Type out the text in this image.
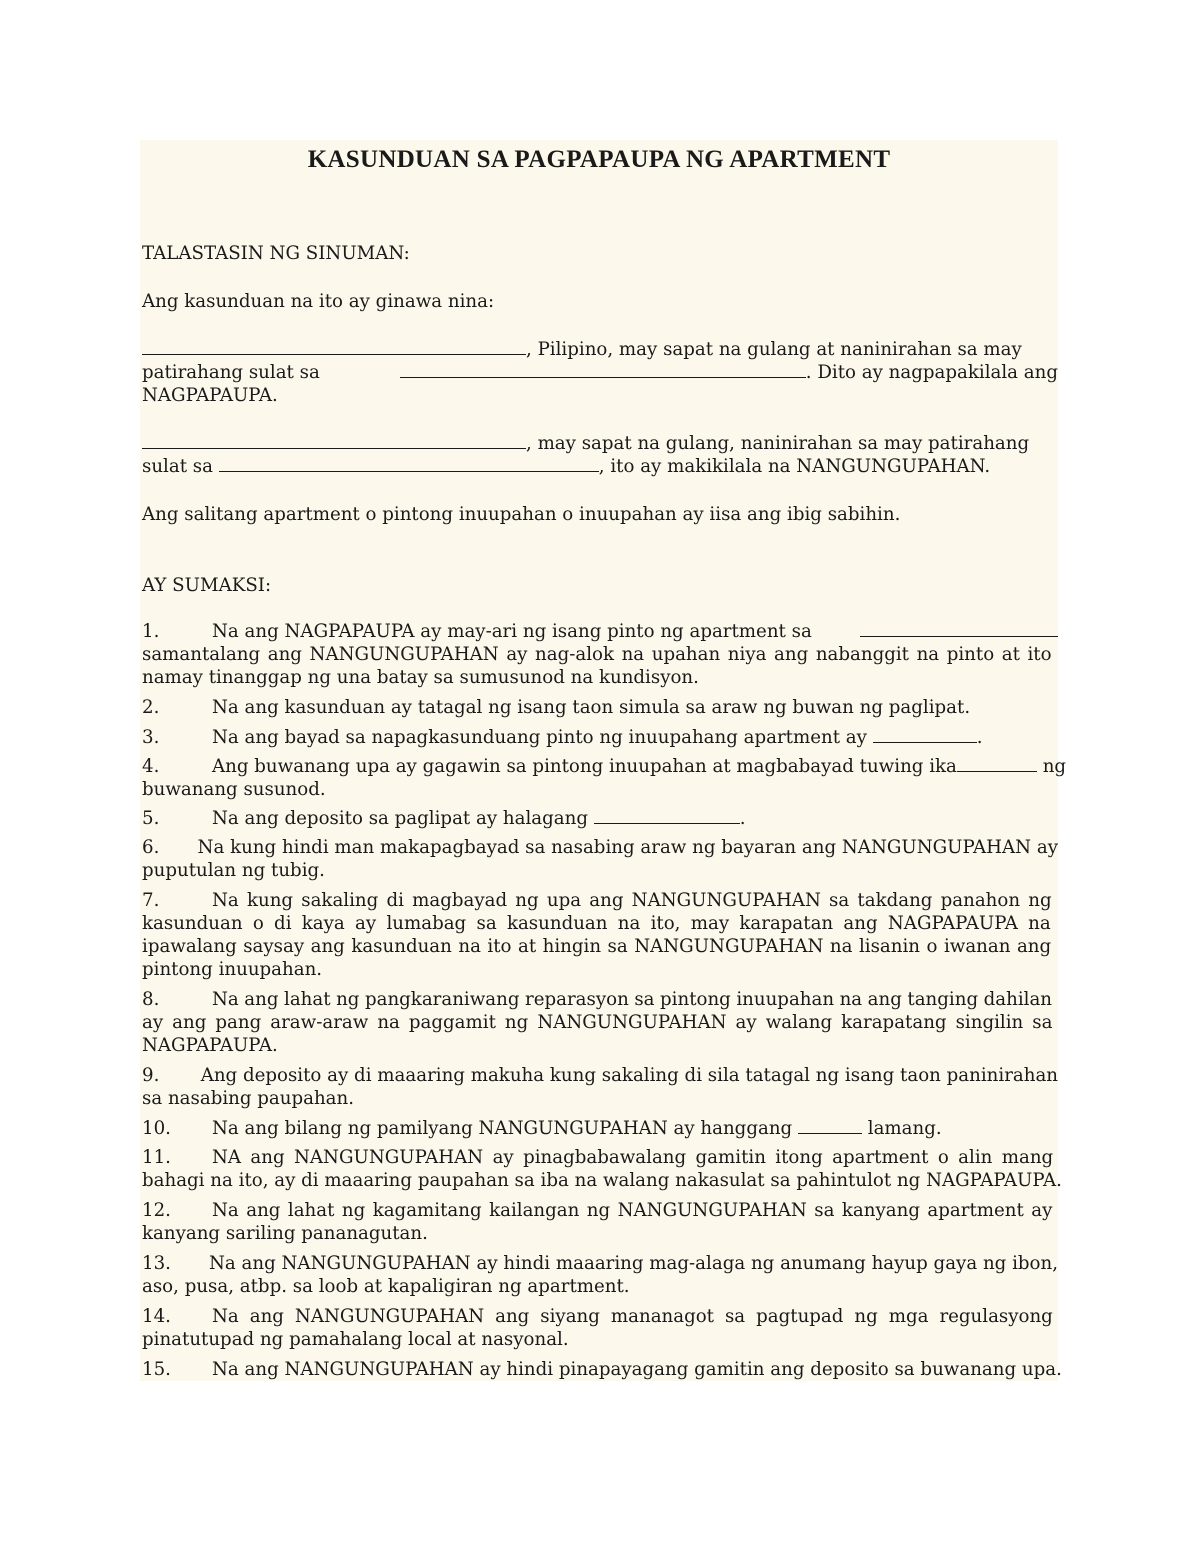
KASUNDUAN SA PAGPAPAUPA NG APARTMENT
TALASTASIN NG SINUMAN:
Ang kasunduan na ito ay ginawa nina:
, Pilipino, may sapat na gulang at naninirahan sa may
patirahang sulat sa	. Dito ay nagpapakilala ang
NAGPAPAUPA.
, may sapat na gulang, naninirahan sa may patirahang
sulat sa	, ito ay makikilala na NANGUNGUPAHAN.
Ang salitang apartment o pintong inuupahan o inuupahan ay iisa ang ibig sabihin.
AY SUMAKSI:
1.	Na ang NAGPAPAUPA ay may-ari ng isang pinto ng apartment sa
samantalang ang NANGUNGUPAHAN ay nag-alok na upahan niya ang nabanggit na pinto at ito
namay tinanggap ng una batay sa sumusunod na kundisyon.
2.	Na ang kasunduan ay tatagal ng isang taon simula sa araw ng buwan ng paglipat.
3.	Na ang bayad sa napagkasunduang pinto ng inuupahang apartment ay	.
4.	Ang buwanang upa ay gagawin sa pintong inuupahan at magbabayad tuwing ika	ng
buwanang susunod.
5.	Na ang deposito sa paglipat ay halagang	.
6.	Na kung hindi man makapagbayad sa nasabing araw ng bayaran ang NANGUNGUPAHAN ay
puputulan ng tubig.
7.	Na kung sakaling di magbayad ng upa ang NANGUNGUPAHAN sa takdang panahon ng
kasunduan o di kaya ay lumabag sa kasunduan na ito, may karapatan ang NAGPAPAUPA na
ipawalang saysay ang kasunduan na ito at hingin sa NANGUNGUPAHAN na lisanin o iwanan ang
pintong inuupahan.
8.	Na ang lahat ng pangkaraniwang reparasyon sa pintong inuupahan na ang tanging dahilan
ay ang pang araw-araw na paggamit ng NANGUNGUPAHAN ay walang karapatang singilin sa
NAGPAPAUPA.
9.	Ang deposito ay di maaaring makuha kung sakaling di sila tatagal ng isang taon paninirahan
sa nasabing paupahan.
10. Na ang bilang ng pamilyang NANGUNGUPAHAN ay hanggang	lamang.
11.	NA ang NANGUNGUPAHAN ay pinagbabawalang gamitin itong apartment o alin mang
bahagi na ito, ay di maaaring paupahan sa iba na walang nakasulat sa pahintulot ng NAGPAPAUPA.
12.	Na ang lahat ng kagamitang kailangan ng NANGUNGUPAHAN sa kanyang apartment ay
kanyang sariling pananagutan.
13.	Na ang NANGUNGUPAHAN ay hindi maaaring mag-alaga ng anumang hayup gaya ng ibon,
aso, pusa, atbp. sa loob at kapaligiran ng apartment.
14.	Na ang NANGUNGUPAHAN ang siyang mananagot sa pagtupad ng mga regulasyong
pinatutupad ng pamahalang local at nasyonal.
15. Na ang NANGUNGUPAHAN ay hindi pinapayagang gamitin ang deposito sa buwanang upa.
